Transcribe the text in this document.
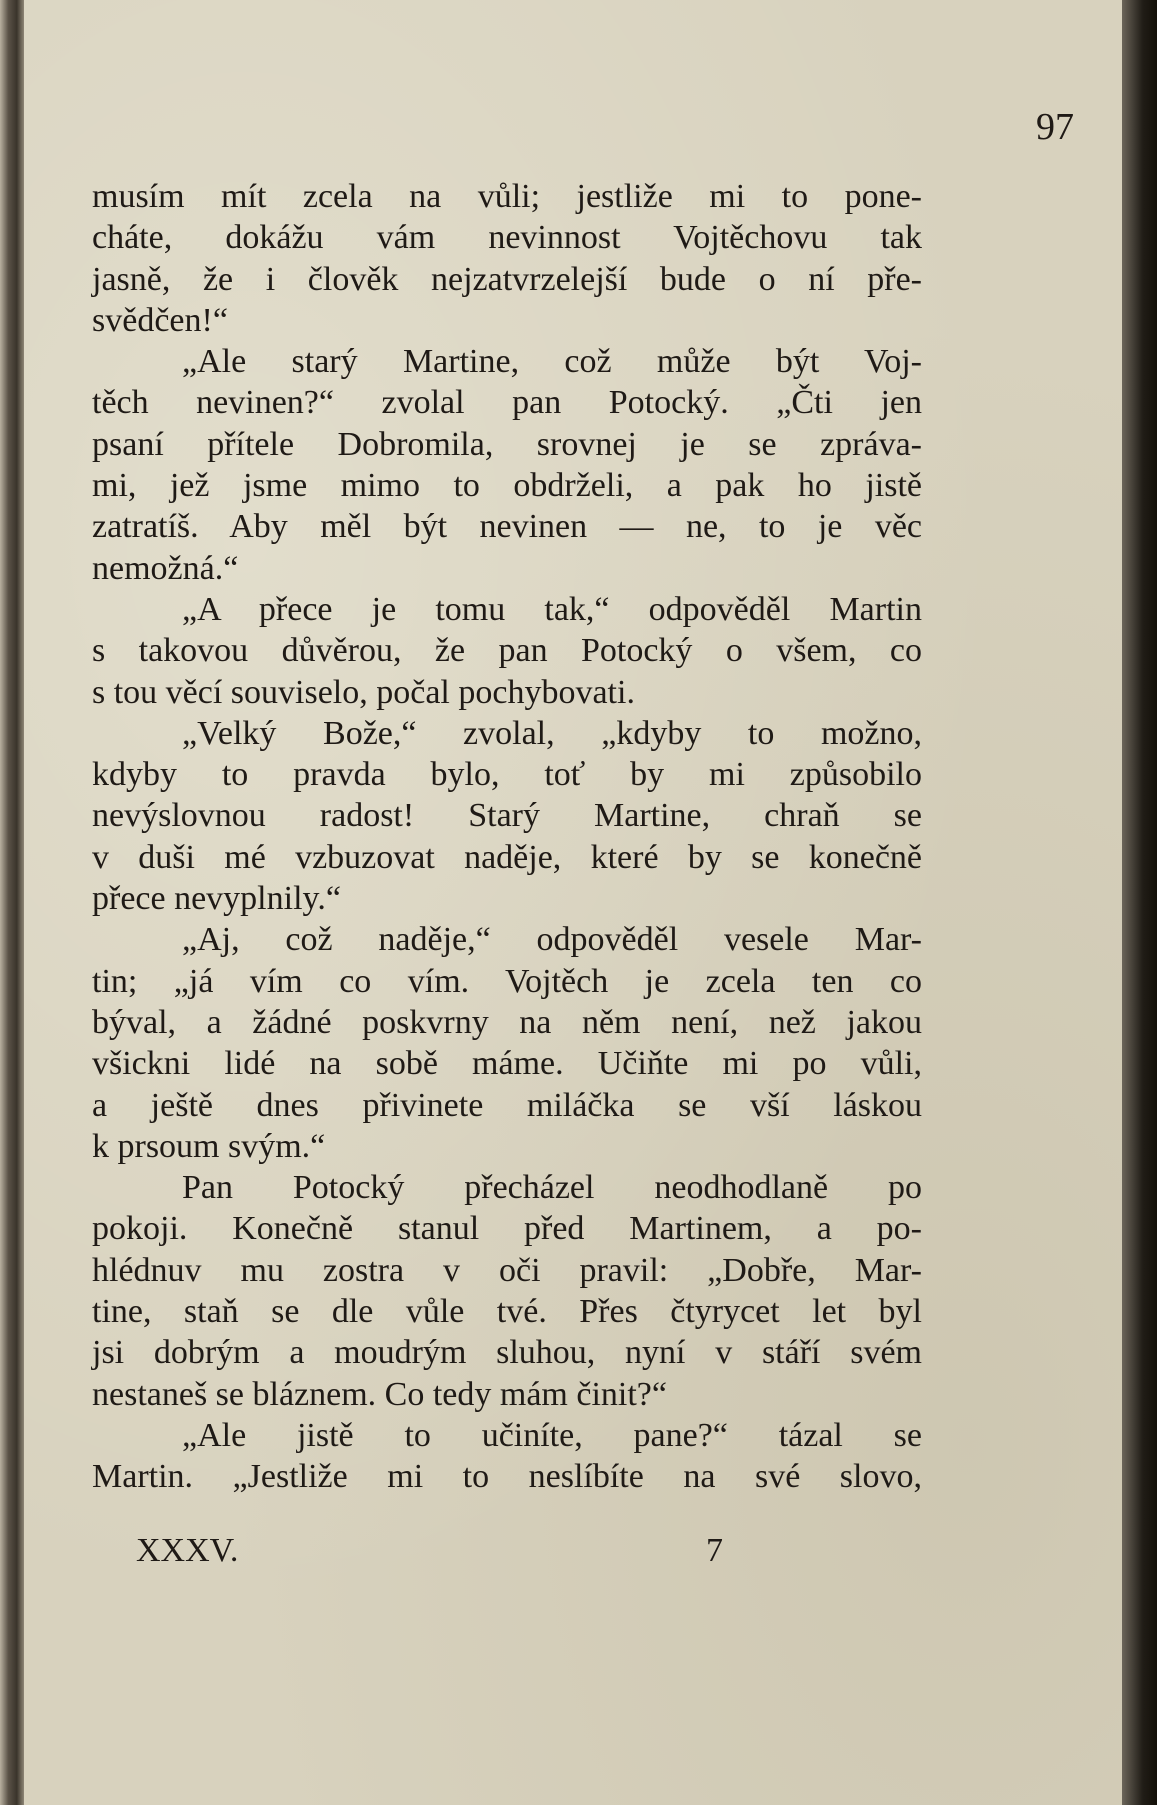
97
musím mít zcela na vůli; jestliže mi to pone-
cháte, dokážu vám nevinnost Vojtěchovu tak
jasně, že i člověk nejzatvrzelejší bude o ní pře-
svědčen!“
„Ale starý Martine, což může být Voj-
těch nevinen?“ zvolal pan Potocký. „Čti jen
psaní přítele Dobromila, srovnej je se zpráva-
mi, jež jsme mimo to obdrželi, a pak ho jistě
zatratíš. Aby měl být nevinen — ne, to je věc
nemožná.“
„A přece je tomu tak,“ odpověděl Martin
s takovou důvěrou, že pan Potocký o všem, co
s tou věcí souviselo, počal pochybovati.
„Velký Bože,“ zvolal, „kdyby to možno,
kdyby to pravda bylo, toť by mi způsobilo
nevýslovnou radost! Starý Martine, chraň se
v duši mé vzbuzovat naděje, které by se konečně
přece nevyplnily.“
„Aj, což naděje,“ odpověděl vesele Mar-
tin; „já vím co vím. Vojtěch je zcela ten co
býval, a žádné poskvrny na něm není, než jakou
všickni lidé na sobě máme. Učiňte mi po vůli,
a ještě dnes přivinete miláčka se vší láskou
k prsoum svým.“
Pan Potocký přecházel neodhodlaně po
pokoji. Konečně stanul před Martinem, a po-
hlédnuv mu zostra v oči pravil: „Dobře, Mar-
tine, staň se dle vůle tvé. Přes čtyrycet let byl
jsi dobrým a moudrým sluhou, nyní v stáří svém
nestaneš se bláznem. Co tedy mám činit?“
„Ale jistě to učiníte, pane?“ tázal se
Martin. „Jestliže mi to neslíbíte na své slovo,
XXXV.	7
